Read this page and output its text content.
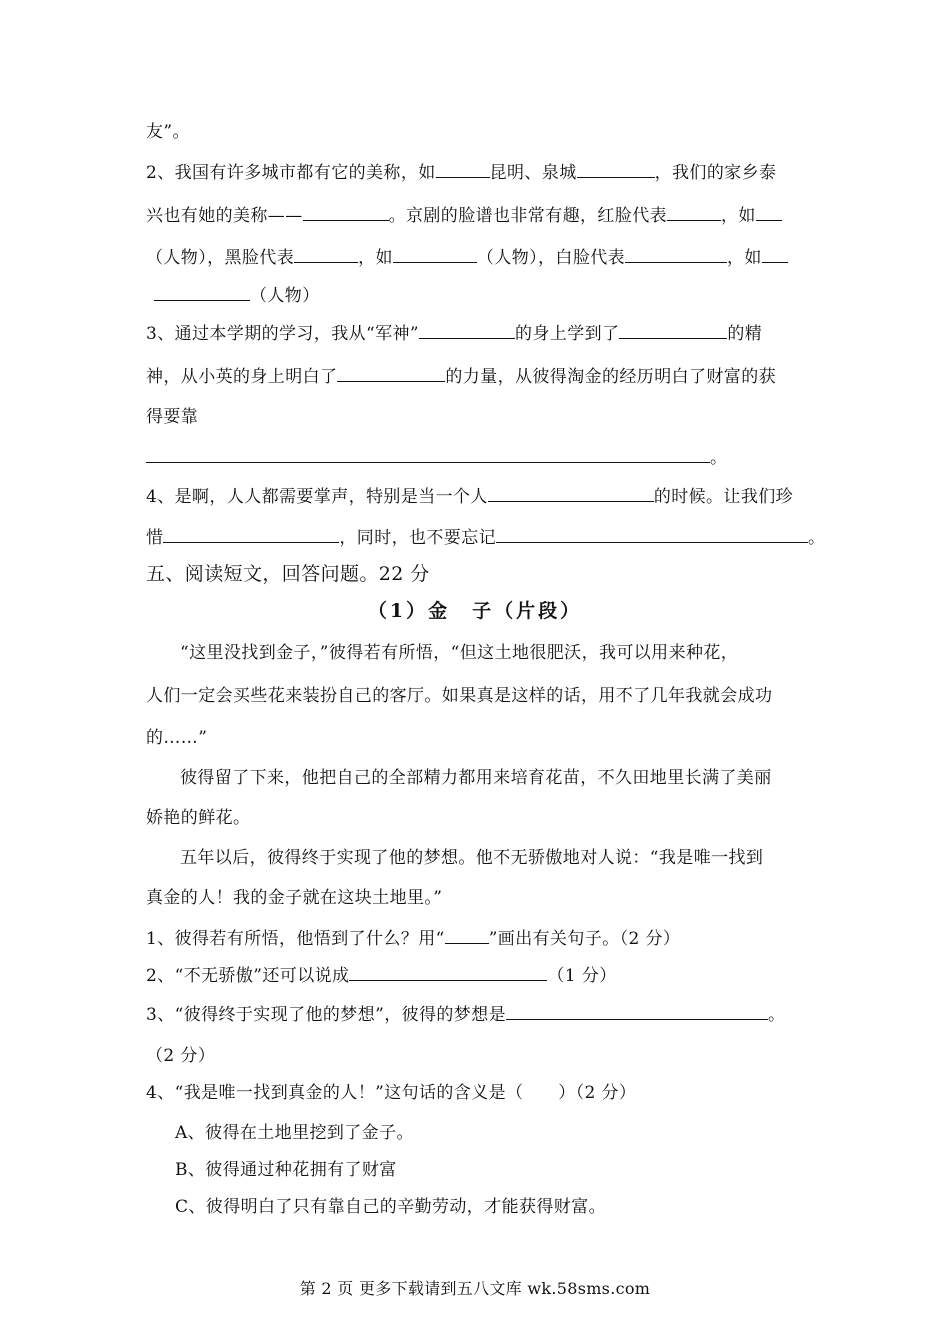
友”。
2、我国有许多城市都有它的美称，如	昆明、泉城	，我们的家乡泰
兴也有她的美称——	。京剧的脸谱也非常有趣，红脸代表	，如
（人物），黑脸代表	，如	（人物），白脸代表	，如
（人物）
3、通过本学期的学习，我从“军神”	的身上学到了	的精
神，从小英的身上明白了	的力量，从彼得淘金的经历明白了财富的获
得要靠
。
4、是啊，人人都需要掌声，特别是当一个人	的时候。让我们珍
惜	，同时，也不要忘记	。
五、阅读短文，回答问题。22 分
（1）金　子（片段）
“这里没找到金子，”彼得若有所悟，“但这土地很肥沃，我可以用来种花，
人们一定会买些花来装扮自己的客厅。如果真是这样的话，用不了几年我就会成功
的……”
彼得留了下来，他把自己的全部精力都用来培育花苗，不久田地里长满了美丽
娇艳的鲜花。
五年以后，彼得终于实现了他的梦想。他不无骄傲地对人说：“我是唯一找到
真金的人！我的金子就在这块土地里。”
1、彼得若有所悟，他悟到了什么？用“	”画出有关句子。（2 分）
2、“不无骄傲”还可以说成	（1 分）
3、“彼得终于实现了他的梦想”，彼得的梦想是	。
（2 分）
4、“我是唯一找到真金的人！”这句话的含义是（　　）（2 分）
A、彼得在土地里挖到了金子。
B、彼得通过种花拥有了财富
C、彼得明白了只有靠自己的辛勤劳动，才能获得财富。
第 2 页 更多下载请到五八文库 wk.58sms.com
